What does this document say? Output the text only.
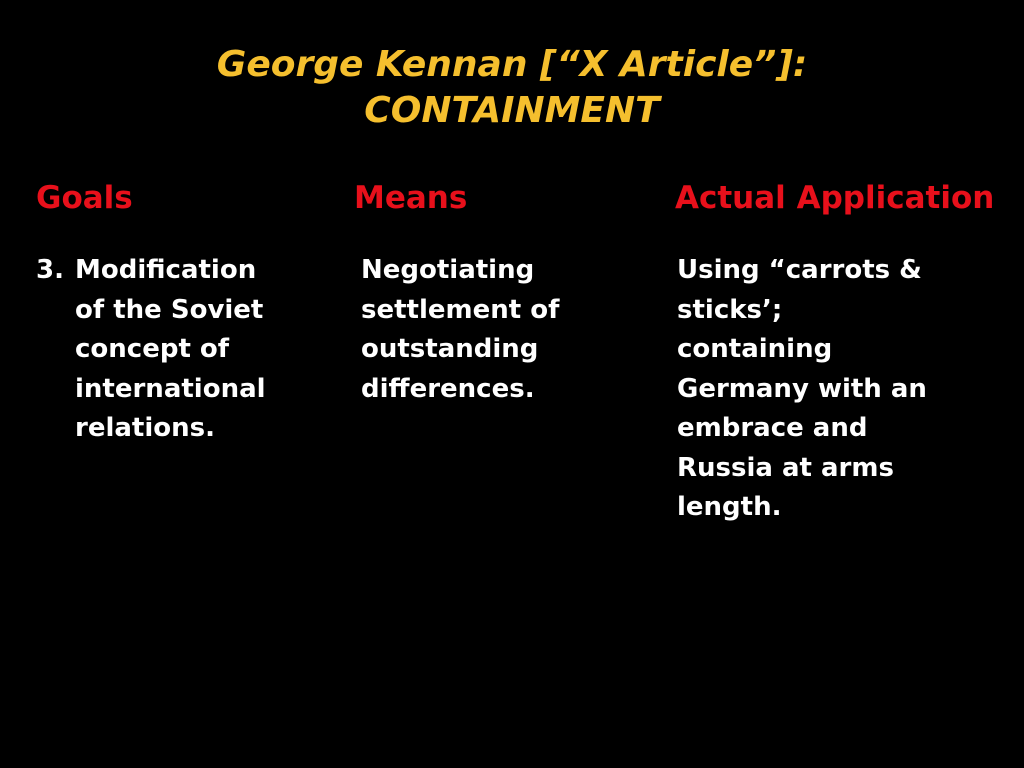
George Kennan [“X Article”]:
CONTAINMENT
Goals	Means	Actual Application
3. Modification
of the Soviet
concept of
international
relations.
Negotiating
settlement of
outstanding
differences.
Using “carrots &
sticks’;
containing
Germany with an
embrace and
Russia at arms
length.
